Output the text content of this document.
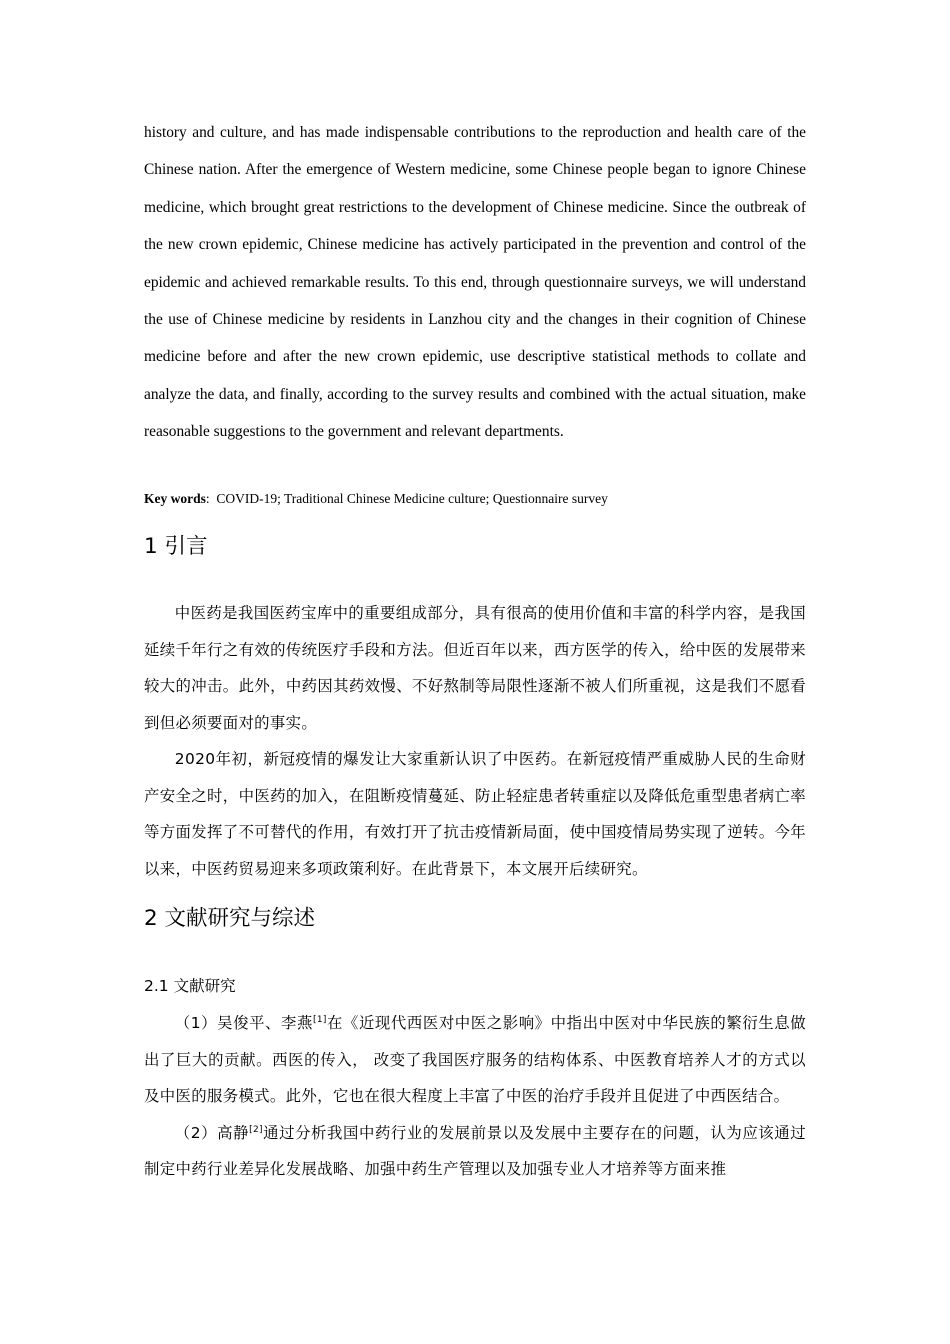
history and culture, and has made indispensable contributions to the reproduction and health care of the Chinese nation. After the emergence of Western medicine, some Chinese people began to ignore Chinese medicine, which brought great restrictions to the development of Chinese medicine. Since the outbreak of the new crown epidemic, Chinese medicine has actively participated in the prevention and control of the epidemic and achieved remarkable results. To this end, through questionnaire surveys, we will understand the use of Chinese medicine by residents in Lanzhou city and the changes in their cognition of Chinese medicine before and after the new crown epidemic, use descriptive statistical methods to collate and analyze the data, and finally, according to the survey results and combined with the actual situation, make reasonable suggestions to the government and relevant departments.

Key words: COVID-19; Traditional Chinese Medicine culture; Questionnaire survey

1 引言

中医药是我国医药宝库中的重要组成部分，具有很高的使用价值和丰富的科学内容，是我国延续千年行之有效的传统医疗手段和方法。但近百年以来，西方医学的传入，给中医的发展带来较大的冲击。此外，中药因其药效慢、不好熬制等局限性逐渐不被人们所重视，这是我们不愿看到但必须要面对的事实。

2020年初，新冠疫情的爆发让大家重新认识了中医药。在新冠疫情严重威胁人民的生命财产安全之时，中医药的加入，在阻断疫情蔓延、防止轻症患者转重症以及降低危重型患者病亡率等方面发挥了不可替代的作用，有效打开了抗击疫情新局面，使中国疫情局势实现了逆转。今年以来，中医药贸易迎来多项政策利好。在此背景下，本文展开后续研究。

2 文献研究与综述
2.1 文献研究

（1）吴俊平、李燕[1]在《近现代西医对中医之影响》中指出中医对中华民族的繁衍生息做出了巨大的贡献。西医的传入， 改变了我国医疗服务的结构体系、中医教育培养人才的方式以及中医的服务模式。此外，它也在很大程度上丰富了中医的治疗手段并且促进了中西医结合。

（2）高静[2]通过分析我国中药行业的发展前景以及发展中主要存在的问题，认为应该通过制定中药行业差异化发展战略、加强中药生产管理以及加强专业人才培养等方面来推
